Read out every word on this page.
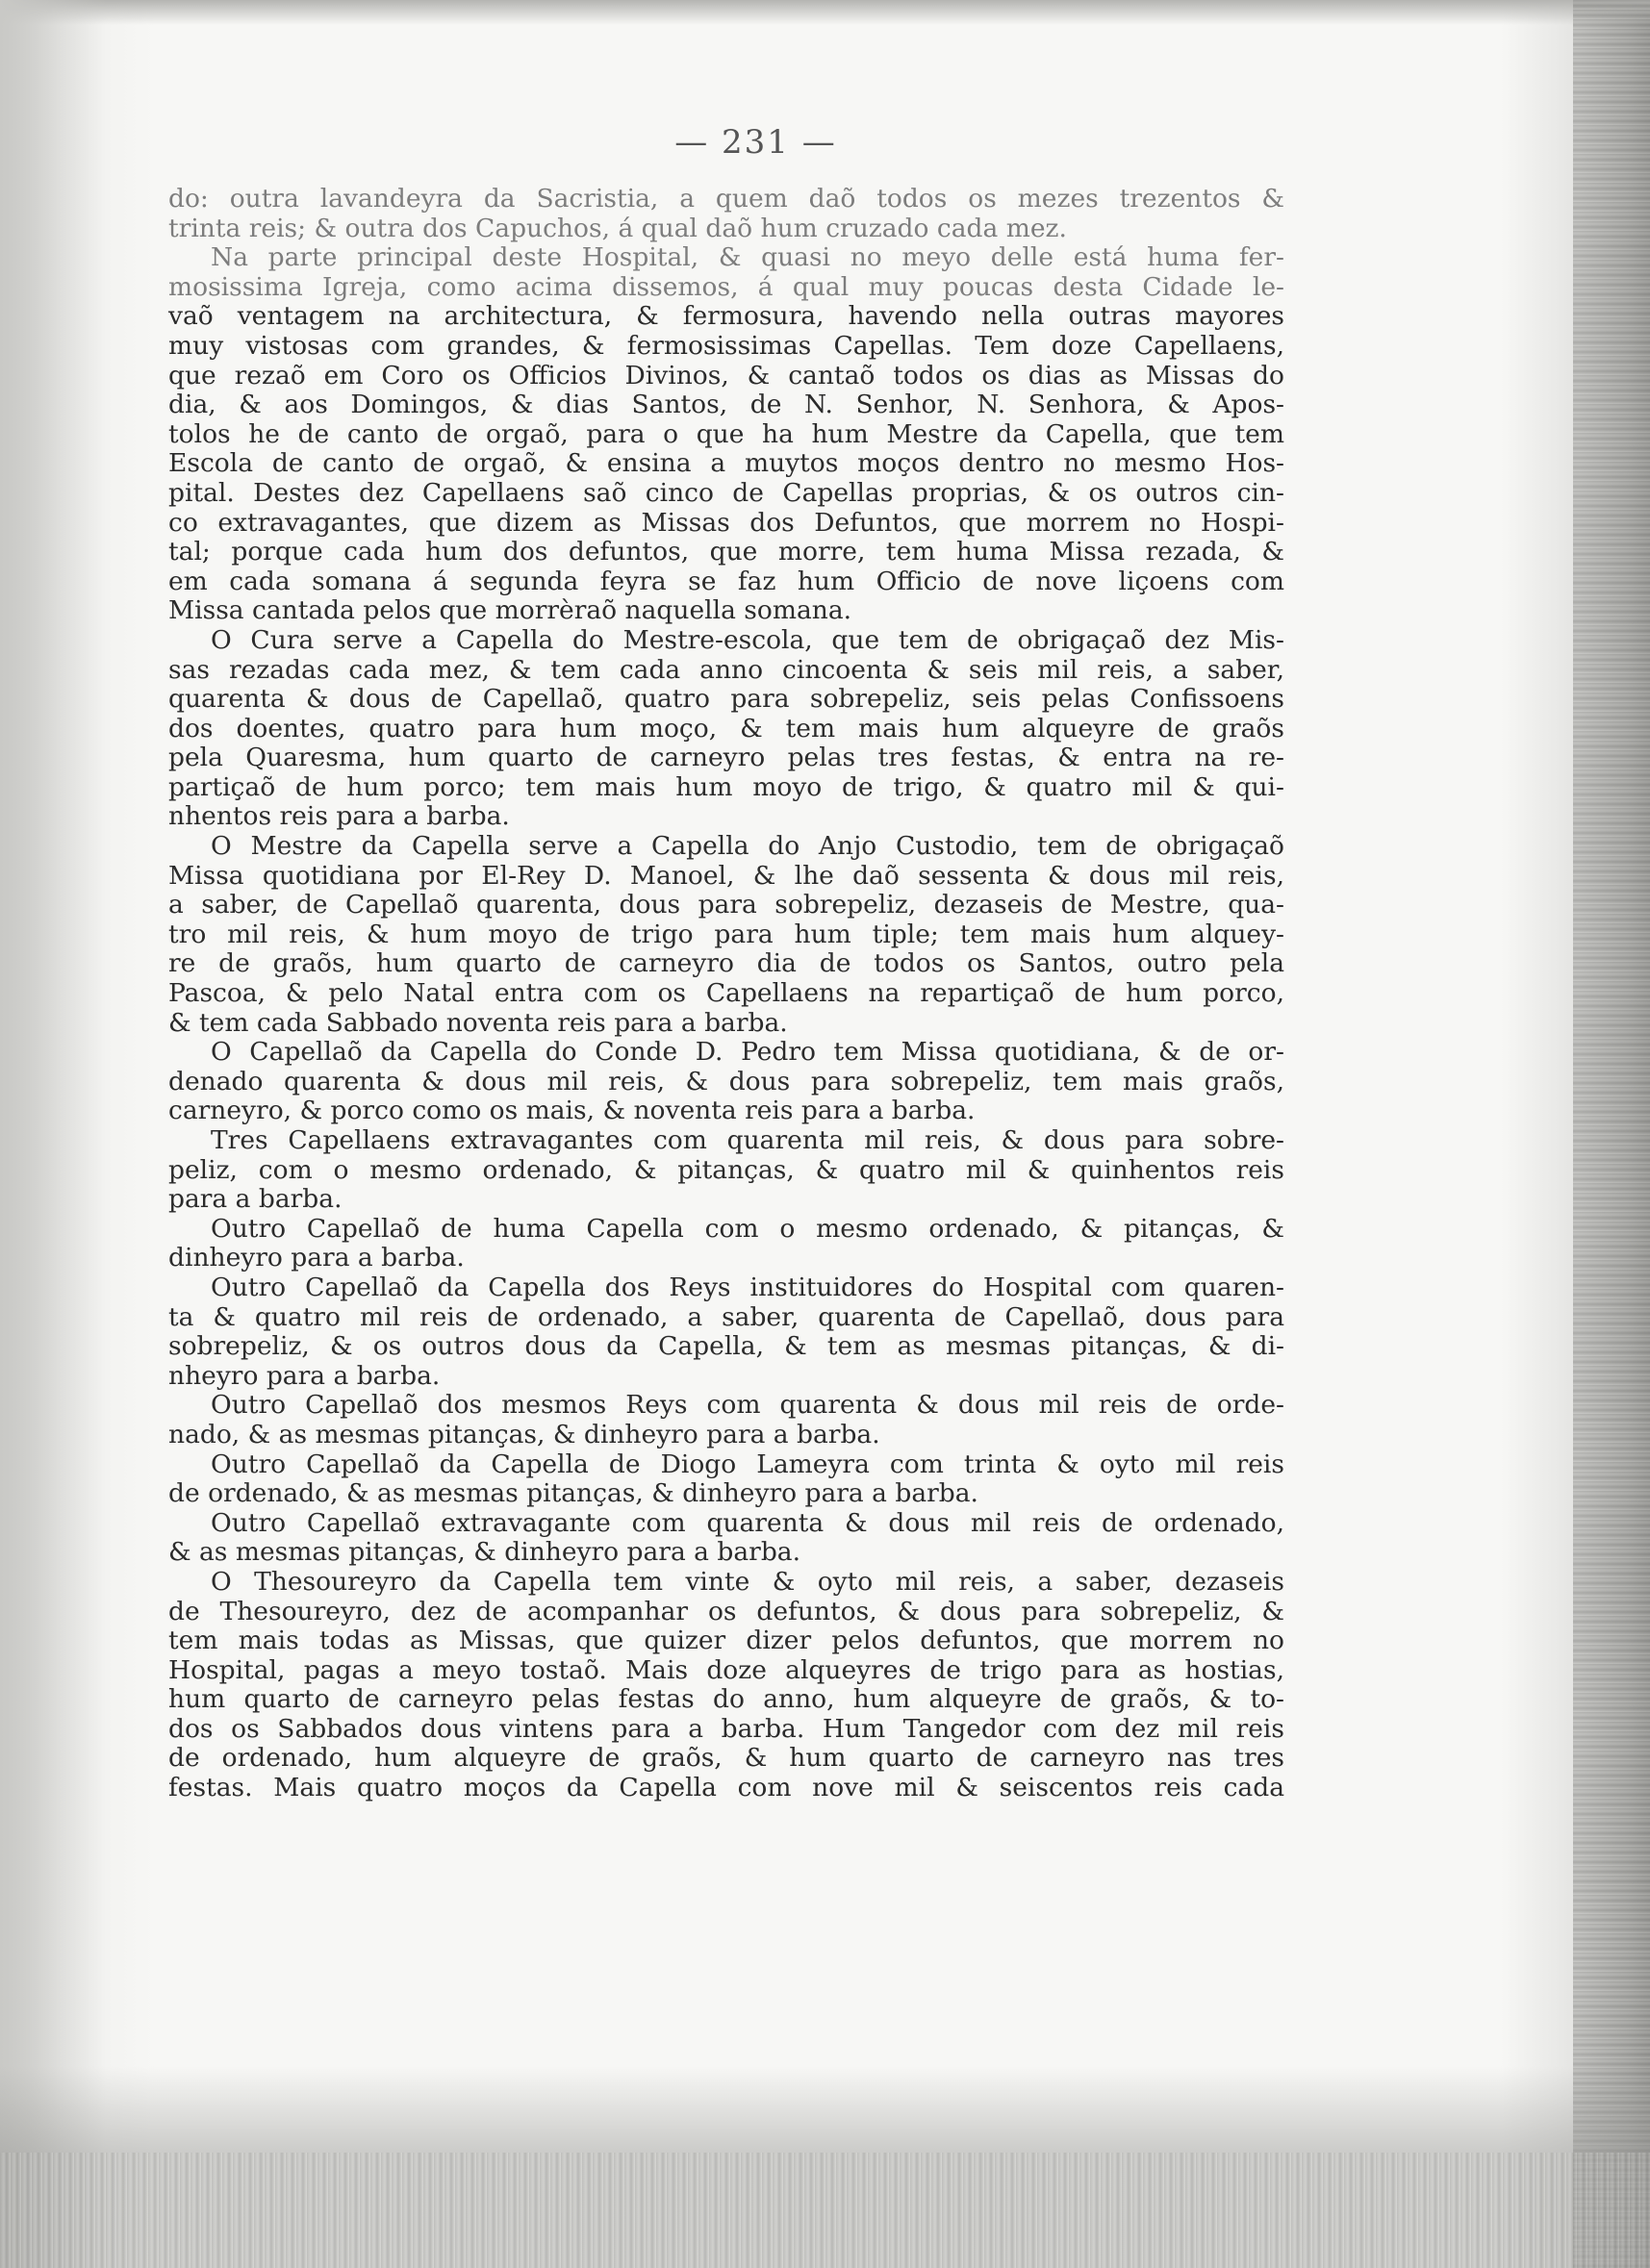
— 231 —
do: outra lavandeyra da Sacristia, a quem daõ todos os mezes trezentos &
trinta reis; & outra dos Capuchos, á qual daõ hum cruzado cada mez.
Na parte principal deste Hospital, & quasi no meyo delle está huma fer-
mosissima Igreja, como acima dissemos, á qual muy poucas desta Cidade le-
vaõ ventagem na architectura, & fermosura, havendo nella outras mayores
muy vistosas com grandes, & fermosissimas Capellas. Tem doze Capellaens,
que rezaõ em Coro os Officios Divinos, & cantaõ todos os dias as Missas do
dia, & aos Domingos, & dias Santos, de N. Senhor, N. Senhora, & Apos-
tolos he de canto de orgaõ, para o que ha hum Mestre da Capella, que tem
Escola de canto de orgaõ, & ensina a muytos moços dentro no mesmo Hos-
pital. Destes dez Capellaens saõ cinco de Capellas proprias, & os outros cin-
co extravagantes, que dizem as Missas dos Defuntos, que morrem no Hospi-
tal; porque cada hum dos defuntos, que morre, tem huma Missa rezada, &
em cada somana á segunda feyra se faz hum Officio de nove liçoens com
Missa cantada pelos que morrèraõ naquella somana.
O Cura serve a Capella do Mestre-escola, que tem de obrigaçaõ dez Mis-
sas rezadas cada mez, & tem cada anno cincoenta & seis mil reis, a saber,
quarenta & dous de Capellaõ, quatro para sobrepeliz, seis pelas Confissoens
dos doentes, quatro para hum moço, & tem mais hum alqueyre de graõs
pela Quaresma, hum quarto de carneyro pelas tres festas, & entra na re-
partiçaõ de hum porco; tem mais hum moyo de trigo, & quatro mil & qui-
nhentos reis para a barba.
O Mestre da Capella serve a Capella do Anjo Custodio, tem de obrigaçaõ
Missa quotidiana por El-Rey D. Manoel, & lhe daõ sessenta & dous mil reis,
a saber, de Capellaõ quarenta, dous para sobrepeliz, dezaseis de Mestre, qua-
tro mil reis, & hum moyo de trigo para hum tiple; tem mais hum alquey-
re de graõs, hum quarto de carneyro dia de todos os Santos, outro pela
Pascoa, & pelo Natal entra com os Capellaens na repartiçaõ de hum porco,
& tem cada Sabbado noventa reis para a barba.
O Capellaõ da Capella do Conde D. Pedro tem Missa quotidiana, & de or-
denado quarenta & dous mil reis, & dous para sobrepeliz, tem mais graõs,
carneyro, & porco como os mais, & noventa reis para a barba.
Tres Capellaens extravagantes com quarenta mil reis, & dous para sobre-
peliz, com o mesmo ordenado, & pitanças, & quatro mil & quinhentos reis
para a barba.
Outro Capellaõ de huma Capella com o mesmo ordenado, & pitanças, &
dinheyro para a barba.
Outro Capellaõ da Capella dos Reys instituidores do Hospital com quaren-
ta & quatro mil reis de ordenado, a saber, quarenta de Capellaõ, dous para
sobrepeliz, & os outros dous da Capella, & tem as mesmas pitanças, & di-
nheyro para a barba.
Outro Capellaõ dos mesmos Reys com quarenta & dous mil reis de orde-
nado, & as mesmas pitanças, & dinheyro para a barba.
Outro Capellaõ da Capella de Diogo Lameyra com trinta & oyto mil reis
de ordenado, & as mesmas pitanças, & dinheyro para a barba.
Outro Capellaõ extravagante com quarenta & dous mil reis de ordenado,
& as mesmas pitanças, & dinheyro para a barba.
O Thesoureyro da Capella tem vinte & oyto mil reis, a saber, dezaseis
de Thesoureyro, dez de acompanhar os defuntos, & dous para sobrepeliz, &
tem mais todas as Missas, que quizer dizer pelos defuntos, que morrem no
Hospital, pagas a meyo tostaõ. Mais doze alqueyres de trigo para as hostias,
hum quarto de carneyro pelas festas do anno, hum alqueyre de graõs, & to-
dos os Sabbados dous vintens para a barba. Hum Tangedor com dez mil reis
de ordenado, hum alqueyre de graõs, & hum quarto de carneyro nas tres
festas. Mais quatro moços da Capella com nove mil & seiscentos reis cada
